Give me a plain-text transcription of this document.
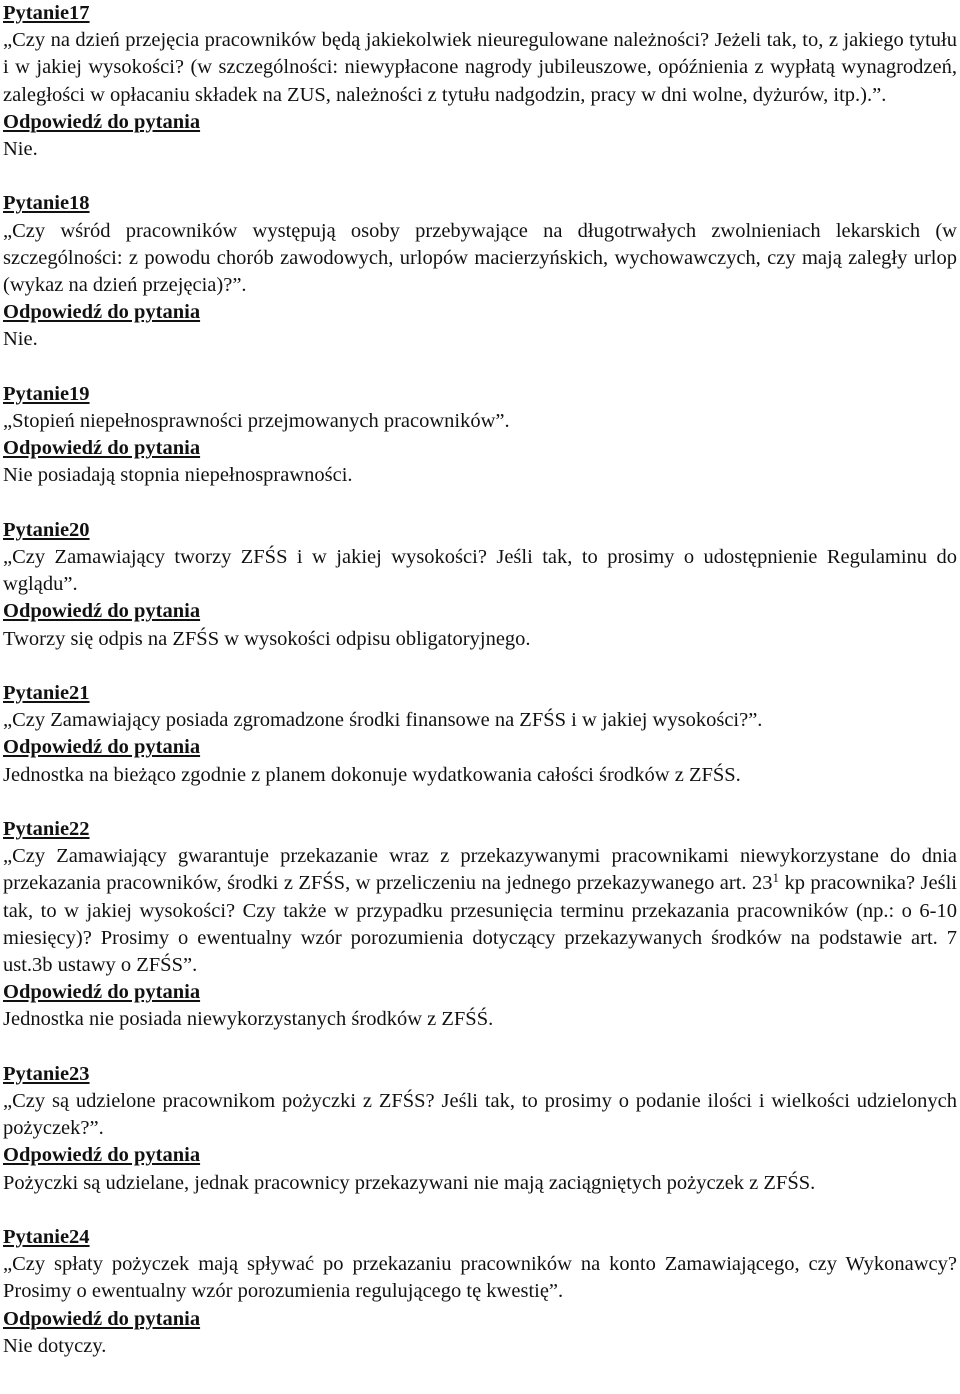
Pytanie17

„Czy na dzień przejęcia pracowników będą jakiekolwiek nieuregulowane należności? Jeżeli tak, to, z jakiego tytułu i w jakiej wysokości? (w szczególności: niewypłacone nagrody jubileuszowe, opóźnienia z wypłatą wynagrodzeń, zaległości w opłacaniu składek na ZUS, należności z tytułu nadgodzin, pracy w dni wolne, dyżurów, itp.).”.

Odpowiedź do pytania

Nie.

Pytanie18

„Czy wśród pracowników występują osoby przebywające na długotrwałych zwolnieniach lekarskich (w szczególności: z powodu chorób zawodowych, urlopów macierzyńskich, wychowawczych, czy mają zaległy urlop (wykaz na dzień przejęcia)?”.

Odpowiedź do pytania

Nie.

Pytanie19

„Stopień niepełnosprawności przejmowanych pracowników”.

Odpowiedź do pytania

Nie posiadają stopnia niepełnosprawności.

Pytanie20

„Czy Zamawiający tworzy ZFŚS i w jakiej wysokości? Jeśli tak, to prosimy o udostępnienie Regulaminu do wglądu”.

Odpowiedź do pytania

Tworzy się odpis na ZFŚS w wysokości odpisu obligatoryjnego.

Pytanie21

„Czy Zamawiający posiada zgromadzone środki finansowe na ZFŚS i w jakiej wysokości?”.

Odpowiedź do pytania

Jednostka na bieżąco zgodnie z planem dokonuje wydatkowania całości środków z ZFŚS.

Pytanie22

„Czy Zamawiający gwarantuje przekazanie wraz z przekazywanymi pracownikami niewykorzystane do dnia przekazania pracowników, środki z ZFŚS, w przeliczeniu na jednego przekazywanego art. $23^1$ kp pracownika? Jeśli tak, to w jakiej wysokości? Czy także w przypadku przesunięcia terminu przekazania pracowników (np.: o 6-10 miesięcy)? Prosimy o ewentualny wzór porozumienia dotyczący przekazywanych środków na podstawie art. 7 ust.3b ustawy o ZFŚS”.

Odpowiedź do pytania

Jednostka nie posiada niewykorzystanych środków z ZFŚŚ.

Pytanie23

„Czy są udzielone pracownikom pożyczki z ZFŚS? Jeśli tak, to prosimy o podanie ilości i wielkości udzielonych pożyczek?”.

Odpowiedź do pytania

Pożyczki są udzielane, jednak pracownicy przekazywani nie mają zaciągniętych pożyczek z ZFŚS.

Pytanie24

„Czy spłaty pożyczek mają spływać po przekazaniu pracowników na konto Zamawiającego, czy Wykonawcy? Prosimy o ewentualny wzór porozumienia regulującego tę kwestię”.

Odpowiedź do pytania

Nie dotyczy.
